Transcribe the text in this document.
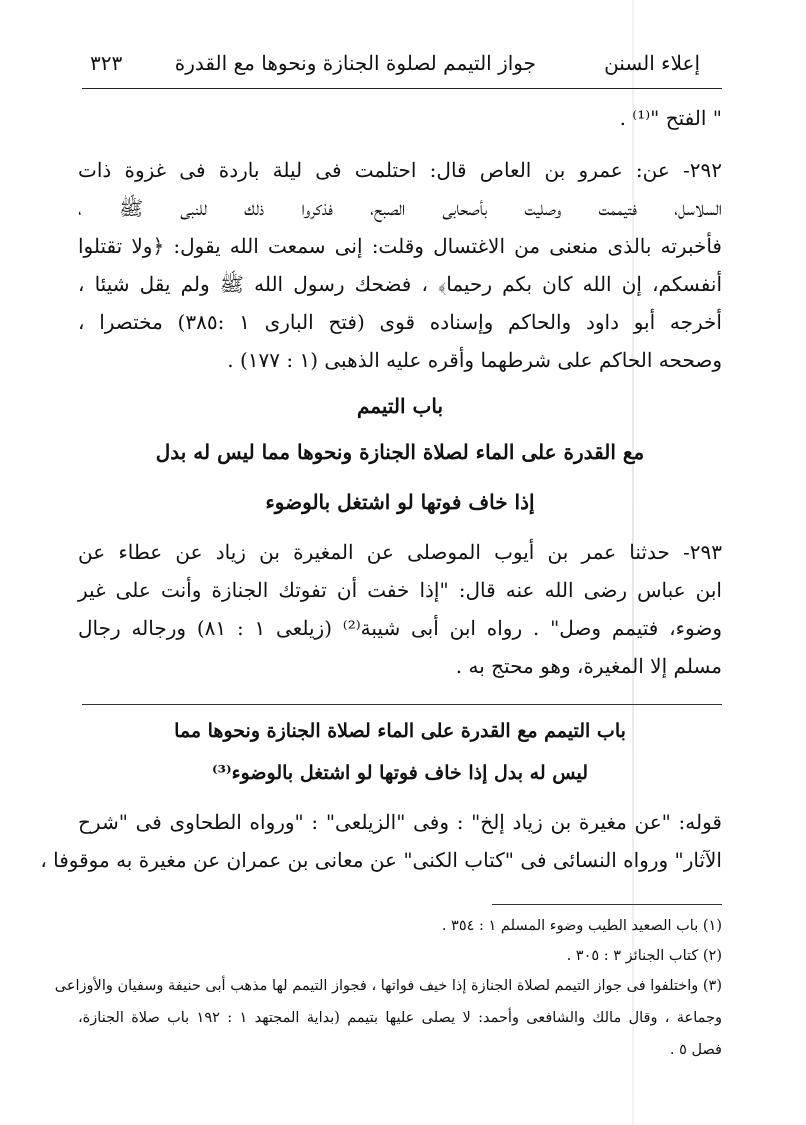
إعلاء السنن
جواز التيمم لصلوة الجنازة ونحوها مع القدرة
٣٢٣
" الفتح "⁽¹⁾ .
٢٩٢- عن: عمرو بن العاص قال: احتلمت فى ليلة باردة فى غزوة ذات
السلاسل، فتيممت وصليت بأصحابى الصبح، فذكروا ذلك للنبى ﷺ ،
فأخبرته بالذى منعنى من الاغتسال وقلت: إنى سمعت الله يقول: ﴿ولا تقتلوا
أنفسكم، إن الله كان بكم رحيما﴾ ، فضحك رسول الله ﷺ ولم يقل شيئا ،
أخرجه أبو داود والحاكم وإسناده قوى (فتح البارى ١ :٣٨٥) مختصرا ،
وصححه الحاكم على شرطهما وأقره عليه الذهبى (١ : ١٧٧) .
باب التيمم
مع القدرة على الماء لصلاة الجنازة ونحوها مما ليس له بدل
إذا خاف فوتها لو اشتغل بالوضوء
٢٩٣- حدثنا عمر بن أيوب الموصلى عن المغيرة بن زياد عن عطاء عن
ابن عباس رضى الله عنه قال: "إذا خفت أن تفوتك الجنازة وأنت على غير
وضوء، فتيمم وصل" . رواه ابن أبى شيبة⁽²⁾ (زيلعى ١ : ٨١) ورجاله رجال
مسلم إلا المغيرة، وهو محتج به .
باب التيمم مع القدرة على الماء لصلاة الجنازة ونحوها مما
ليس له بدل إذا خاف فوتها لو اشتغل بالوضوء⁽³⁾
قوله: "عن مغيرة بن زياد إلخ" : وفى "الزيلعى" : "ورواه الطحاوى فى "شرح
الآثار" ورواه النسائى فى "كتاب الكنى" عن معانى بن عمران عن مغيرة به موقوفا ،
(١) باب الصعيد الطيب وضوء المسلم ١ : ٣٥٤ .
(٢) كتاب الجنائز ٣ : ٣٠٥ .
(٣) واختلفوا فى جواز التيمم لصلاة الجنازة إذا خيف فواتها ، فجواز التيمم لها مذهب أبى حنيفة وسفيان والأوزاعى
وجماعة ، وقال مالك والشافعى وأحمد: لا يصلى عليها بتيمم (بداية المجتهد ١ : ١٩٢ باب صلاة الجنازة،
فصل ٥ .
